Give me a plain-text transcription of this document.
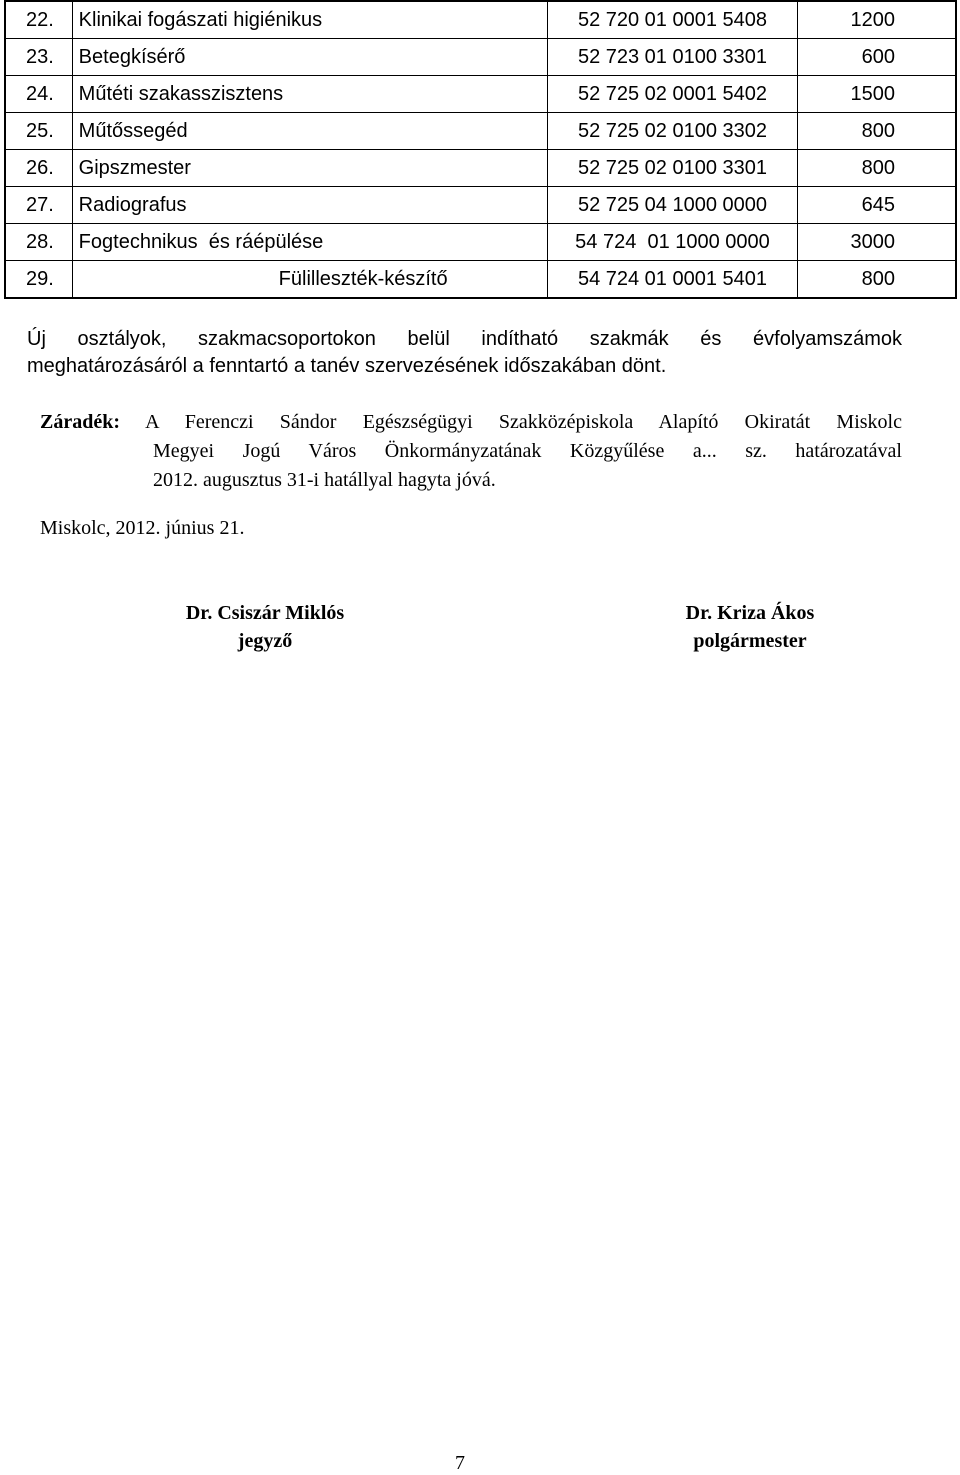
22.	Klinikai fogászati higiénikus	52 720 01 0001 5408	1200
23.	Betegkísérő	52 723 01 0100 3301	600
24.	Műtéti szakasszisztens	52 725 02 0001 5402	1500
25.	Műtőssegéd	52 725 02 0100 3302	800
26.	Gipszmester	52 725 02 0100 3301	800
27.	Radiografus	52 725 04 1000 0000	645
28.	Fogtechnikus  és ráépülése	54 724  01 1000 0000	3000
29.	Fülilleszték-készítő	54 724 01 0001 5401	800
Új osztályok, szakmacsoportokon belül indítható szakmák és évfolyamszámok
meghatározásáról a fenntartó a tanév szervezésének időszakában dönt.
Záradék: A Ferenczi Sándor Egészségügyi Szakközépiskola Alapító Okiratát Miskolc
Megyei Jogú Város Önkormányzatának Közgyűlése a... sz. határozatával
2012. augusztus 31-i hatállyal hagyta jóvá.
Miskolc, 2012. június 21.
Dr. Csiszár Miklós
jegyző
Dr. Kriza Ákos
polgármester
7
